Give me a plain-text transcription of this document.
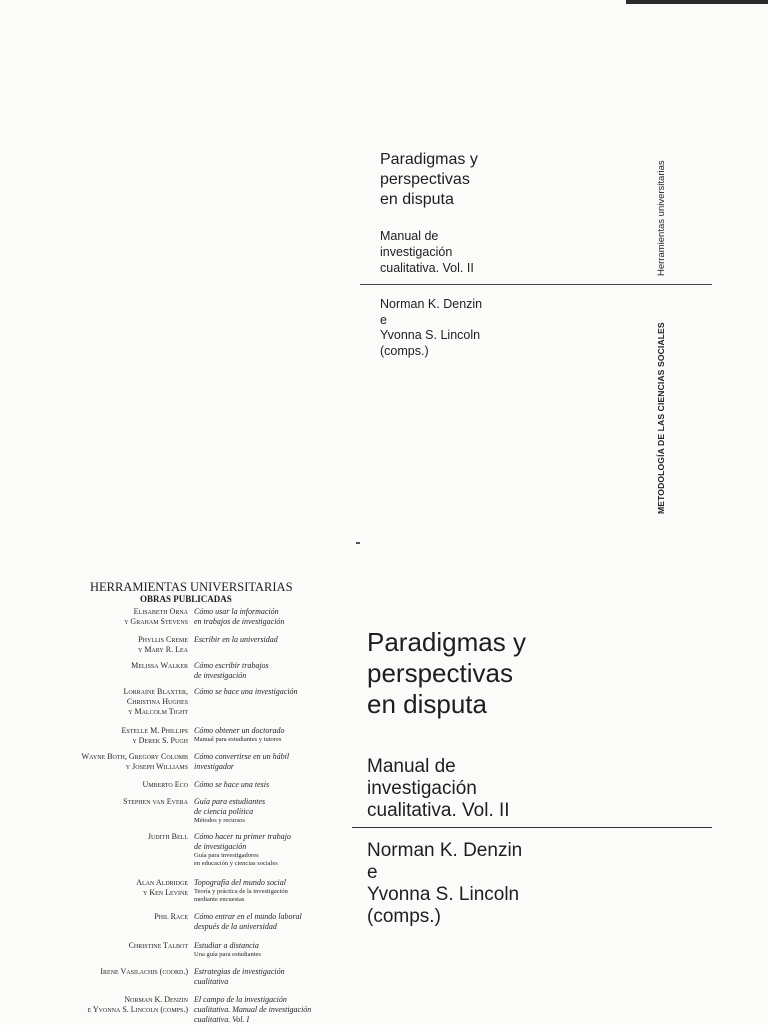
Paradigmas y
perspectivas
en disputa
Manual de
investigación
cualitativa. Vol. II
Norman K. Denzin
e
Yvonna S. Lincoln
(comps.)
Herramientas universitarias
METODOLOGÍA DE LAS CIENCIAS SOCIALES
HERRAMIENTAS UNIVERSITARIAS
OBRAS PUBLICADAS
Elisabeth Orna
y Graham Stevens
Cómo usar la información
en trabajos de investigación
Phyllis Creme
y Mary R. Lea
Escribir en la universidad
Melissa Walker Cómo escribir trabajos
de investigación
Lorraine Blaxter,
Christina Hughes
y Malcolm Tight
Cómo se hace una investigación
Estelle M. Phillips
y Derek S. Pugh
Cómo obtener un doctorado
Manual para estudiantes y tutores
Wayne Both, Gregory Colomb
y Joseph Williams
Cómo convertirse en un hábil
investigador
Umberto Eco Cómo se hace una tesis
Stephen van Evera Guía para estudiantes
de ciencia política
Métodos y recursos
Judith Bell Cómo hacer tu primer trabajo
de investigación
Guía para investigadores
en educación y ciencias sociales
Alan Aldridge
y Ken Levine
Topografía del mundo social
Teoría y práctica de la investigación
mediante encuestas
Phil Race Cómo entrar en el mundo laboral
después de la universidad
Christine Talbot Estudiar a distancia
Una guía para estudiantes
Irene Vasilachis (coord.) Estrategias de investigación
cualitativa
Norman K. Denzin
e Yvonna S. Lincoln (comps.)
El campo de la investigación
cualitativa. Manual de investigación
cualitativa. Vol. I
Paradigmas y
perspectivas
en disputa
Manual de
investigación
cualitativa. Vol. II
Norman K. Denzin
e
Yvonna S. Lincoln
(comps.)
